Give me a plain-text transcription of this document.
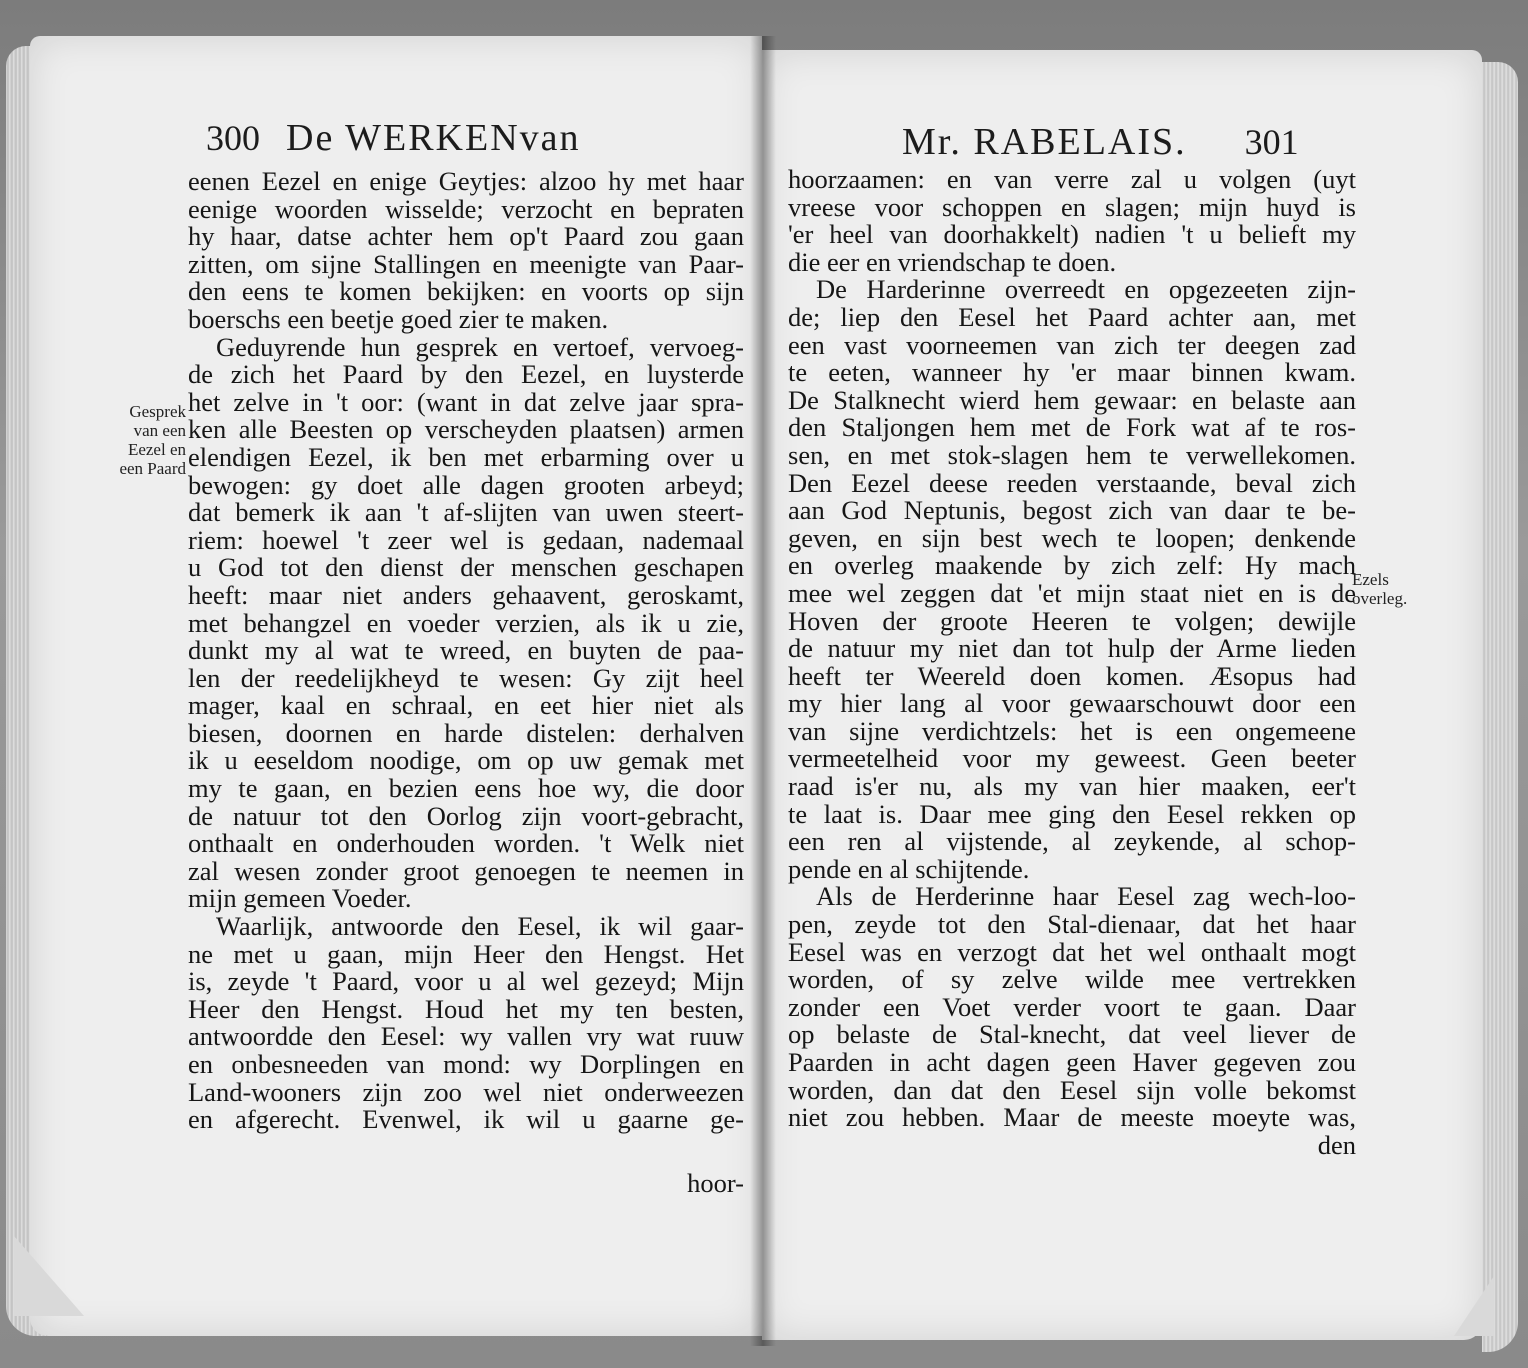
300 De WERKENvan
eenen Eezel en enige Geytjes: alzoo hy met haar
eenige woorden wisselde; verzocht en bepraten
hy haar, datse achter hem op't Paard zou gaan
zitten, om sijne Stallingen en meenigte van Paar-
den eens te komen bekijken: en voorts op sijn
boerschs een beetje goed zier te maken.
Geduyrende hun gesprek en vertoef, vervoeg-
de zich het Paard by den Eezel, en luysterde
het zelve in 't oor: (want in dat zelve jaar spra-
ken alle Beesten op verscheyden plaatsen) armen
elendigen Eezel, ik ben met erbarming over u
bewogen: gy doet alle dagen grooten arbeyd;
dat bemerk ik aan 't af-slijten van uwen steert-
riem: hoewel 't zeer wel is gedaan, nademaal
u God tot den dienst der menschen geschapen
heeft: maar niet anders gehaavent, geroskamt,
met behangzel en voeder verzien, als ik u zie,
dunkt my al wat te wreed, en buyten de paa-
len der reedelijkheyd te wesen: Gy zijt heel
mager, kaal en schraal, en eet hier niet als
biesen, doornen en harde distelen: derhalven
ik u eeseldom noodige, om op uw gemak met
my te gaan, en bezien eens hoe wy, die door
de natuur tot den Oorlog zijn voort-gebracht,
onthaalt en onderhouden worden. 't Welk niet
zal wesen zonder groot genoegen te neemen in
mijn gemeen Voeder.
Waarlijk, antwoorde den Eesel, ik wil gaar-
ne met u gaan, mijn Heer den Hengst. Het
is, zeyde 't Paard, voor u al wel gezeyd; Mijn
Heer den Hengst. Houd het my ten besten,
antwoordde den Eesel: wy vallen vry wat ruuw
en onbesneeden van mond: wy Dorplingen en
Land-wooners zijn zoo wel niet onderweezen
en afgerecht. Evenwel, ik wil u gaarne ge-
Gesprek
van een
Eezel en
een Paard
hoor-
Mr. RABELAIS. 301
hoorzaamen: en van verre zal u volgen (uyt
vreese voor schoppen en slagen; mijn huyd is
'er heel van doorhakkelt) nadien 't u belieft my
die eer en vriendschap te doen.
De Harderinne overreedt en opgezeeten zijn-
de; liep den Eesel het Paard achter aan, met
een vast voorneemen van zich ter deegen zad
te eeten, wanneer hy 'er maar binnen kwam.
De Stalknecht wierd hem gewaar: en belaste aan
den Staljongen hem met de Fork wat af te ros-
sen, en met stok-slagen hem te verwellekomen.
Den Eezel deese reeden verstaande, beval zich
aan God Neptunis, begost zich van daar te be-
geven, en sijn best wech te loopen; denkende
en overleg maakende by zich zelf: Hy mach
mee wel zeggen dat 'et mijn staat niet en is de
Hoven der groote Heeren te volgen; dewijle
de natuur my niet dan tot hulp der Arme lieden
heeft ter Weereld doen komen. Æsopus had
my hier lang al voor gewaarschouwt door een
van sijne verdichtzels: het is een ongemeene
vermeetelheid voor my geweest. Geen beeter
raad is'er nu, als my van hier maaken, eer't
te laat is. Daar mee ging den Eesel rekken op
een ren al vijstende, al zeykende, al schop-
pende en al schijtende.
Als de Herderinne haar Eesel zag wech-loo-
pen, zeyde tot den Stal-dienaar, dat het haar
Eesel was en verzogt dat het wel onthaalt mogt
worden, of sy zelve wilde mee vertrekken
zonder een Voet verder voort te gaan. Daar
op belaste de Stal-knecht, dat veel liever de
Paarden in acht dagen geen Haver gegeven zou
worden, dan dat den Eesel sijn volle bekomst
niet zou hebben. Maar de meeste moeyte was,
Ezels
overleg.
den
